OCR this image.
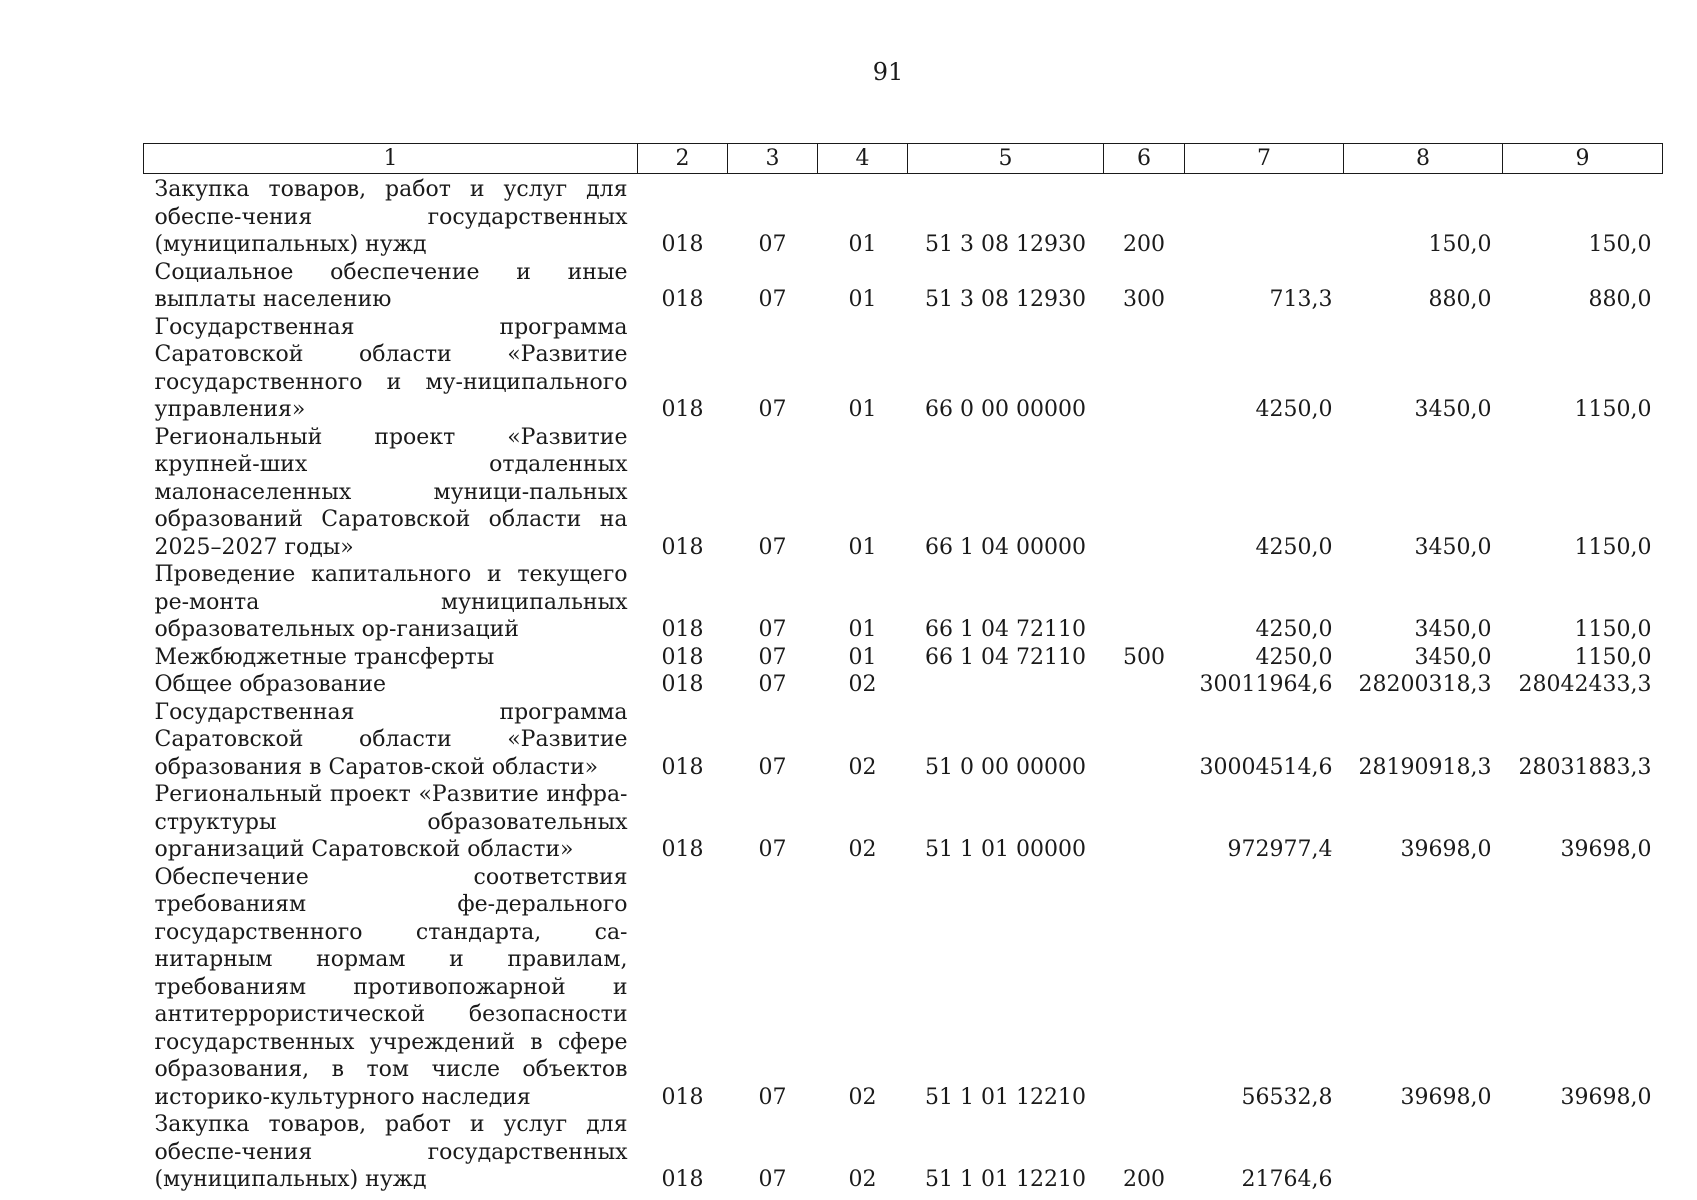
91
1	2	3	4	5	6	7	8	9
Закупка товаров, работ и услуг для обеспе-чения государственных (муниципальных) нужд	018	07	01	51 3 08 12930	200		150,0	150,0
Социальное обеспечение и иные выплаты населению	018	07	01	51 3 08 12930	300	713,3	880,0	880,0
Государственная программа Саратовской области «Развитие государственного и му-ниципального управления»	018	07	01	66 0 00 00000		4250,0	3450,0	1150,0
Региональный проект «Развитие крупней-ших отдаленных малонаселенных муници-пальных образований Саратовской области на 2025–2027 годы»	018	07	01	66 1 04 00000		4250,0	3450,0	1150,0
Проведение капитального и текущего ре-монта муниципальных образовательных ор-ганизаций	018	07	01	66 1 04 72110		4250,0	3450,0	1150,0
Межбюджетные трансферты	018	07	01	66 1 04 72110	500	4250,0	3450,0	1150,0
Общее образование	018	07	02			30011964,6	28200318,3	28042433,3
Государственная программа Саратовской области «Развитие образования в Саратов-ской области»	018	07	02	51 0 00 00000		30004514,6	28190918,3	28031883,3
Региональный проект «Развитие инфра-структуры образовательных организаций Саратовской области»	018	07	02	51 1 01 00000		972977,4	39698,0	39698,0
Обеспечение соответствия требованиям фе-дерального государственного стандарта, са-нитарным нормам и правилам, требованиям противопожарной и антитеррористической безопасности государственных учреждений в сфере образования, в том числе объектов историко-культурного наследия	018	07	02	51 1 01 12210		56532,8	39698,0	39698,0
Закупка товаров, работ и услуг для обеспе-чения государственных (муниципальных) нужд	018	07	02	51 1 01 12210	200	21764,6		
